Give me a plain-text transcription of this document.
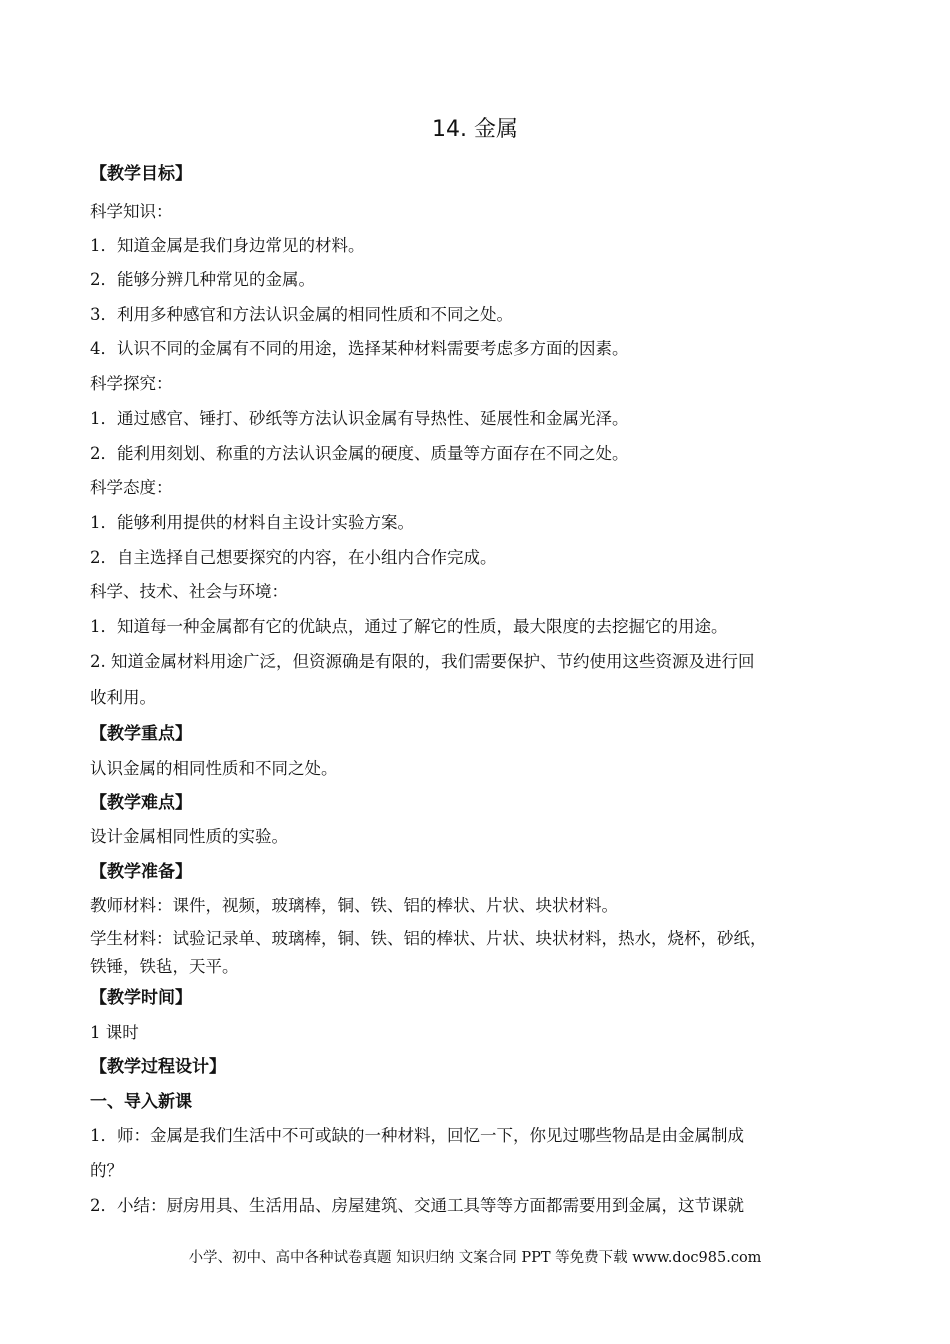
14. 金属
【教学目标】
科学知识：
1．知道金属是我们身边常见的材料。
2．能够分辨几种常见的金属。
3．利用多种感官和方法认识金属的相同性质和不同之处。
4．认识不同的金属有不同的用途，选择某种材料需要考虑多方面的因素。
科学探究：
1．通过感官、锤打、砂纸等方法认识金属有导热性、延展性和金属光泽。
2．能利用刻划、称重的方法认识金属的硬度、质量等方面存在不同之处。
科学态度：
1．能够利用提供的材料自主设计实验方案。
2．自主选择自己想要探究的内容，在小组内合作完成。
科学、技术、社会与环境：
1．知道每一种金属都有它的优缺点，通过了解它的性质，最大限度的去挖掘它的用途。
2. 知道金属材料用途广泛，但资源确是有限的，我们需要保护、节约使用这些资源及进行回
收利用。
【教学重点】
认识金属的相同性质和不同之处。
【教学难点】
设计金属相同性质的实验。
【教学准备】
教师材料：课件，视频，玻璃棒，铜、铁、铝的棒状、片状、块状材料。
学生材料：试验记录单、玻璃棒，铜、铁、铝的棒状、片状、块状材料，热水，烧杯，砂纸，
铁锤，铁毡，天平。
【教学时间】
1 课时
【教学过程设计】
一、导入新课
1．师：金属是我们生活中不可或缺的一种材料，回忆一下，你见过哪些物品是由金属制成
的？
2．小结：厨房用具、生活用品、房屋建筑、交通工具等等方面都需要用到金属，这节课就
小学、初中、高中各种试卷真题 知识归纳 文案合同 PPT 等免费下载 www.doc985.com
